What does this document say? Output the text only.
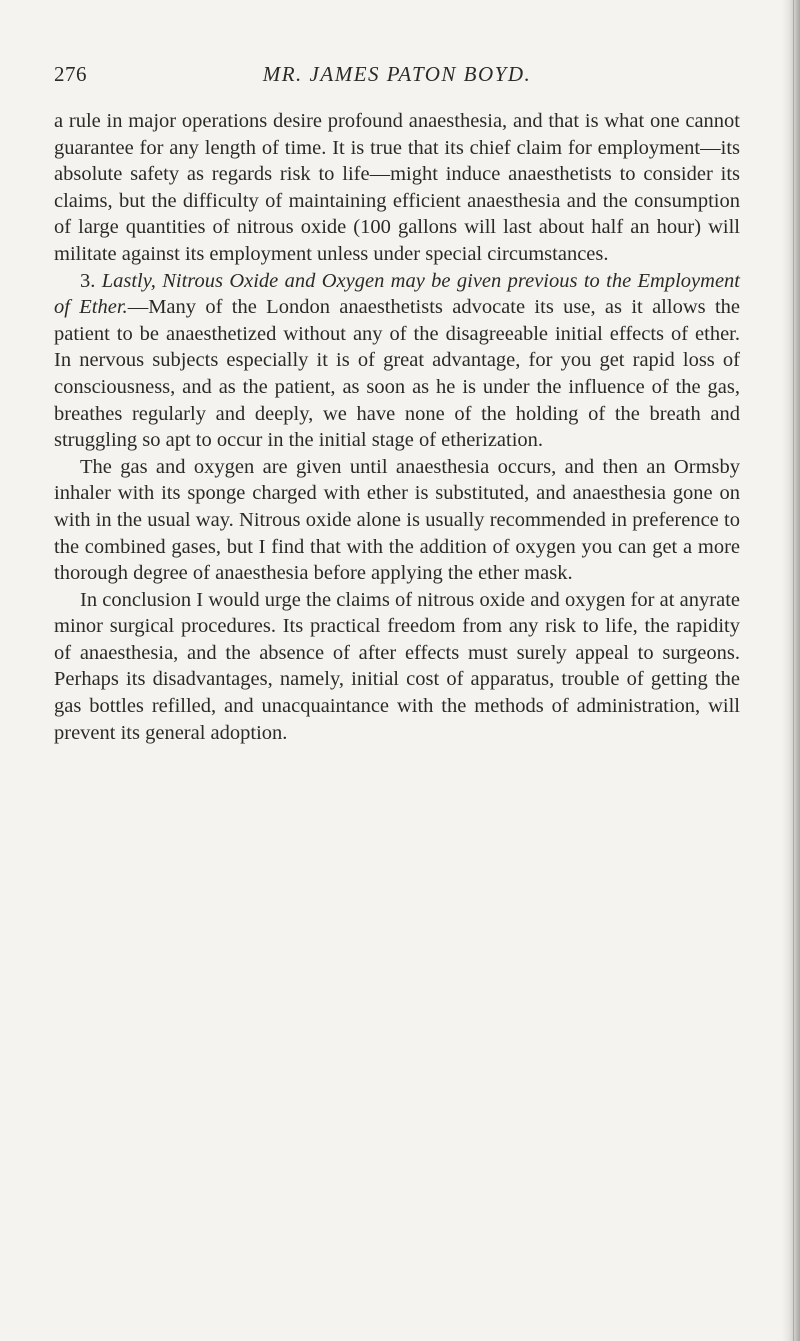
276	MR. JAMES PATON BOYD.

a rule in major operations desire profound anaesthesia, and that is what one cannot guarantee for any length of time. It is true that its chief claim for employment—its absolute safety as regards risk to life—might induce anaesthetists to consider its claims, but the difficulty of maintaining efficient anaesthesia and the consumption of large quantities of nitrous oxide (100 gallons will last about half an hour) will militate against its employment unless under special circumstances.

3. Lastly, Nitrous Oxide and Oxygen may be given previous to the Employment of Ether.—Many of the London anaesthetists advocate its use, as it allows the patient to be anaesthetized without any of the disagreeable initial effects of ether. In nervous subjects especially it is of great advantage, for you get rapid loss of consciousness, and as the patient, as soon as he is under the influence of the gas, breathes regularly and deeply, we have none of the holding of the breath and struggling so apt to occur in the initial stage of etherization.

The gas and oxygen are given until anaesthesia occurs, and then an Ormsby inhaler with its sponge charged with ether is substituted, and anaesthesia gone on with in the usual way. Nitrous oxide alone is usually recommended in preference to the combined gases, but I find that with the addition of oxygen you can get a more thorough degree of anaesthesia before applying the ether mask.

In conclusion I would urge the claims of nitrous oxide and oxygen for at anyrate minor surgical procedures. Its practical freedom from any risk to life, the rapidity of anaesthesia, and the absence of after effects must surely appeal to surgeons. Perhaps its disadvantages, namely, initial cost of apparatus, trouble of getting the gas bottles refilled, and unacquaintance with the methods of administration, will prevent its general adoption.
